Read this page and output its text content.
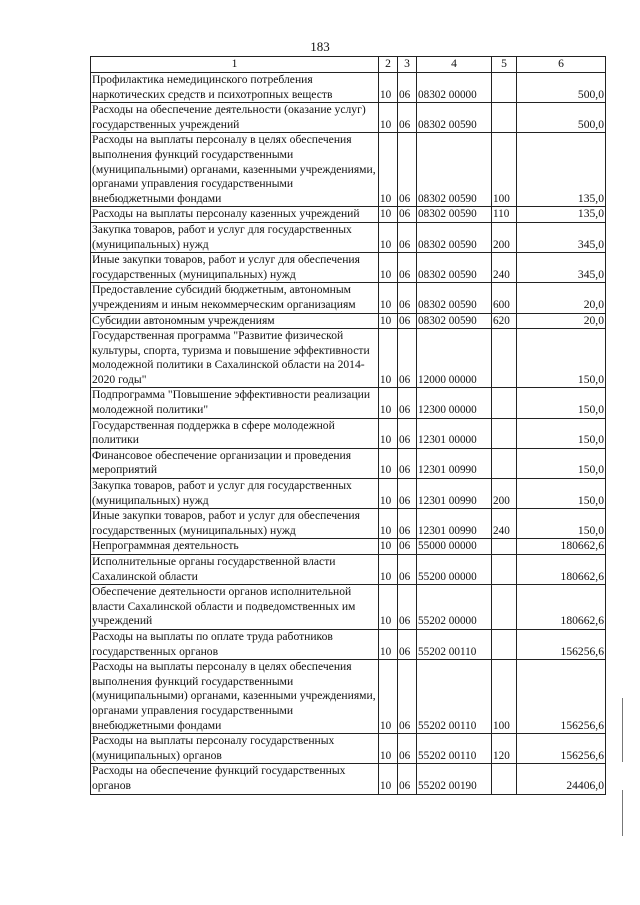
183
1	2	3	4	5	6
Профилактика немедицинского потребления наркотических средств и психотропных веществ	10	06	08302 00000		500,0
Расходы на обеспечение деятельности (оказание услуг) государственных учреждений	10	06	08302 00590		500,0
Расходы на выплаты персоналу в целях обеспечения выполнения функций государственными (муниципальными) органами, казенными учреждениями, органами управления государственными внебюджетными фондами	10	06	08302 00590	100	135,0
Расходы на выплаты персоналу казенных учреждений	10	06	08302 00590	110	135,0
Закупка товаров, работ и услуг для государственных (муниципальных) нужд	10	06	08302 00590	200	345,0
Иные закупки товаров, работ и услуг для обеспечения государственных (муниципальных) нужд	10	06	08302 00590	240	345,0
Предоставление субсидий бюджетным, автономным учреждениям и иным некоммерческим организациям	10	06	08302 00590	600	20,0
Субсидии автономным учреждениям	10	06	08302 00590	620	20,0
Государственная программа "Развитие физической культуры, спорта, туризма и повышение эффективности молодежной политики в Сахалинской области на 2014-2020 годы"	10	06	12000 00000		150,0
Подпрограмма "Повышение эффективности реализации молодежной политики"	10	06	12300 00000		150,0
Государственная поддержка в сфере молодежной политики	10	06	12301 00000		150,0
Финансовое обеспечение организации и проведения мероприятий	10	06	12301 00990		150,0
Закупка товаров, работ и услуг для государственных (муниципальных) нужд	10	06	12301 00990	200	150,0
Иные закупки товаров, работ и услуг для обеспечения государственных (муниципальных) нужд	10	06	12301 00990	240	150,0
Непрограммная деятельность	10	06	55000 00000		180662,6
Исполнительные органы государственной власти Сахалинской области	10	06	55200 00000		180662,6
Обеспечение деятельности органов исполнительной власти Сахалинской области и подведомственных им учреждений	10	06	55202 00000		180662,6
Расходы на выплаты по оплате труда работников государственных органов	10	06	55202 00110		156256,6
Расходы на выплаты персоналу в целях обеспечения выполнения функций государственными (муниципальными) органами, казенными учреждениями, органами управления государственными внебюджетными фондами	10	06	55202 00110	100	156256,6
Расходы на выплаты персоналу государственных (муниципальных) органов	10	06	55202 00110	120	156256,6
Расходы на обеспечение функций государственных органов	10	06	55202 00190		24406,0
